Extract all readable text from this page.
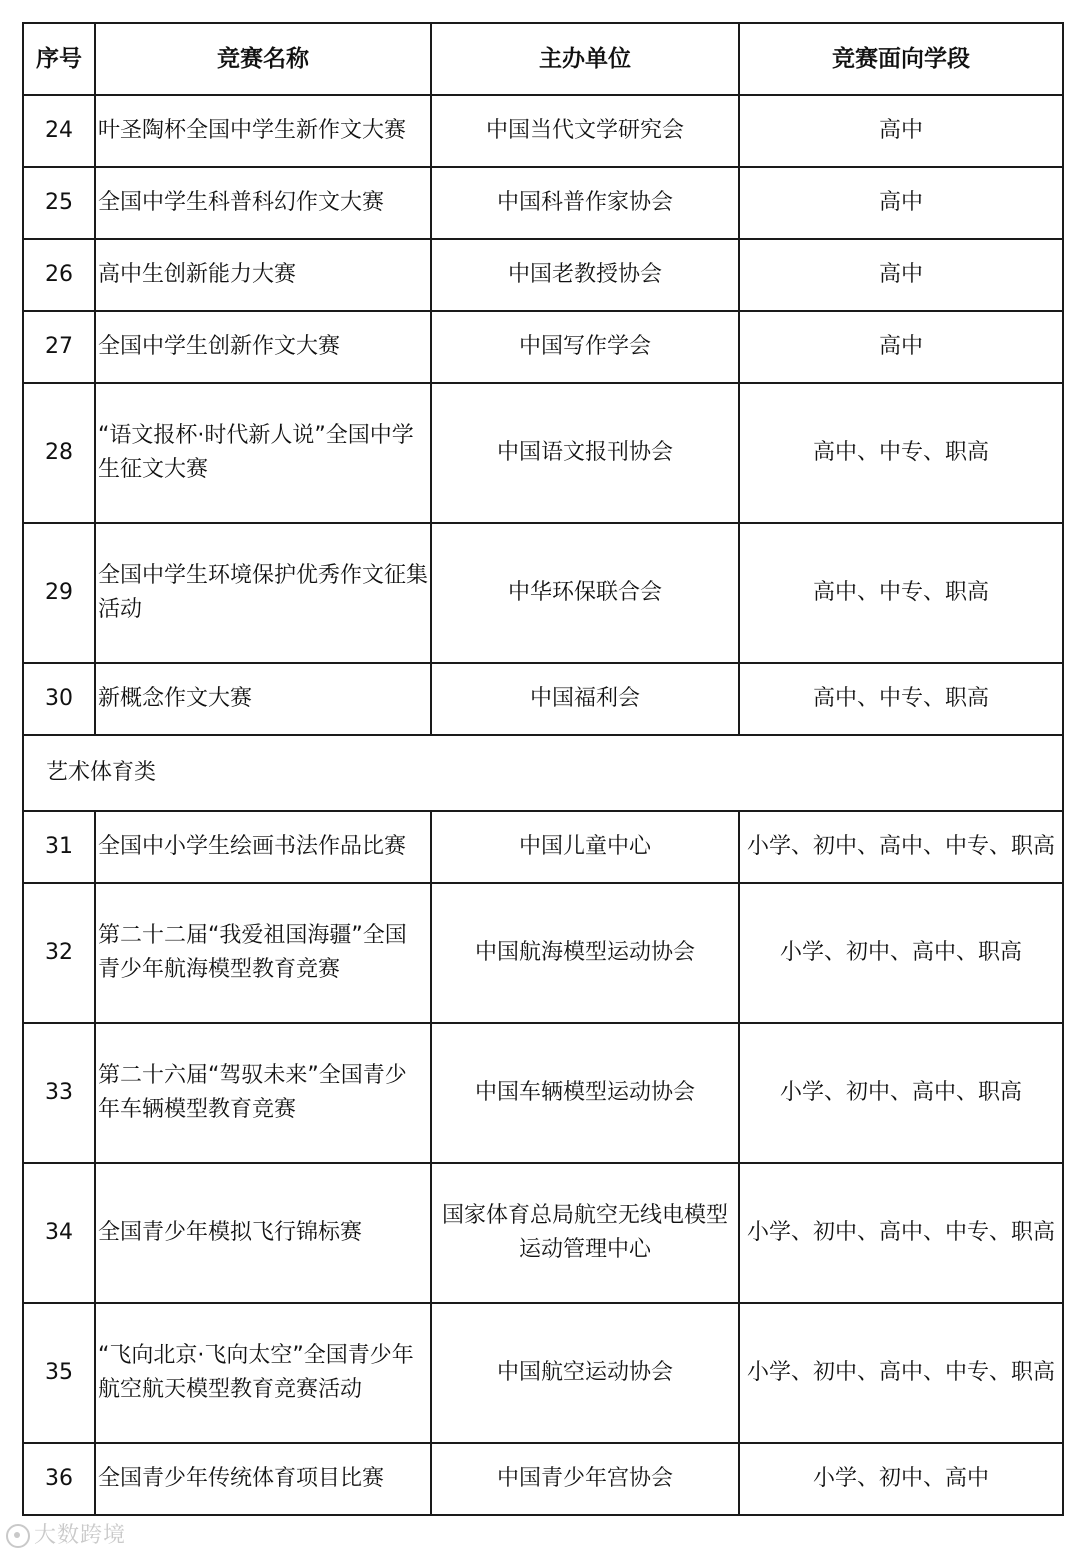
序号	竞赛名称	主办单位	竞赛面向学段
24	叶圣陶杯全国中学生新作文大赛	中国当代文学研究会	高中
25	全国中学生科普科幻作文大赛	中国科普作家协会	高中
26	高中生创新能力大赛	中国老教授协会	高中
27	全国中学生创新作文大赛	中国写作学会	高中
28	“语文报杯·时代新人说”全国中学生征文大赛	中国语文报刊协会	高中、中专、职高
29	全国中学生环境保护优秀作文征集活动	中华环保联合会	高中、中专、职高
30	新概念作文大赛	中国福利会	高中、中专、职高
艺术体育类			
31	全国中小学生绘画书法作品比赛	中国儿童中心	小学、初中、高中、中专、职高
32	第二十二届“我爱祖国海疆”全国青少年航海模型教育竞赛	中国航海模型运动协会	小学、初中、高中、职高
33	第二十六届“驾驭未来”全国青少年车辆模型教育竞赛	中国车辆模型运动协会	小学、初中、高中、职高
34	全国青少年模拟飞行锦标赛	国家体育总局航空无线电模型运动管理中心	小学、初中、高中、中专、职高
35	“飞向北京·飞向太空”全国青少年航空航天模型教育竞赛活动	中国航空运动协会	小学、初中、高中、中专、职高
36	全国青少年传统体育项目比赛	中国青少年宫协会	小学、初中、高中
大数跨境
